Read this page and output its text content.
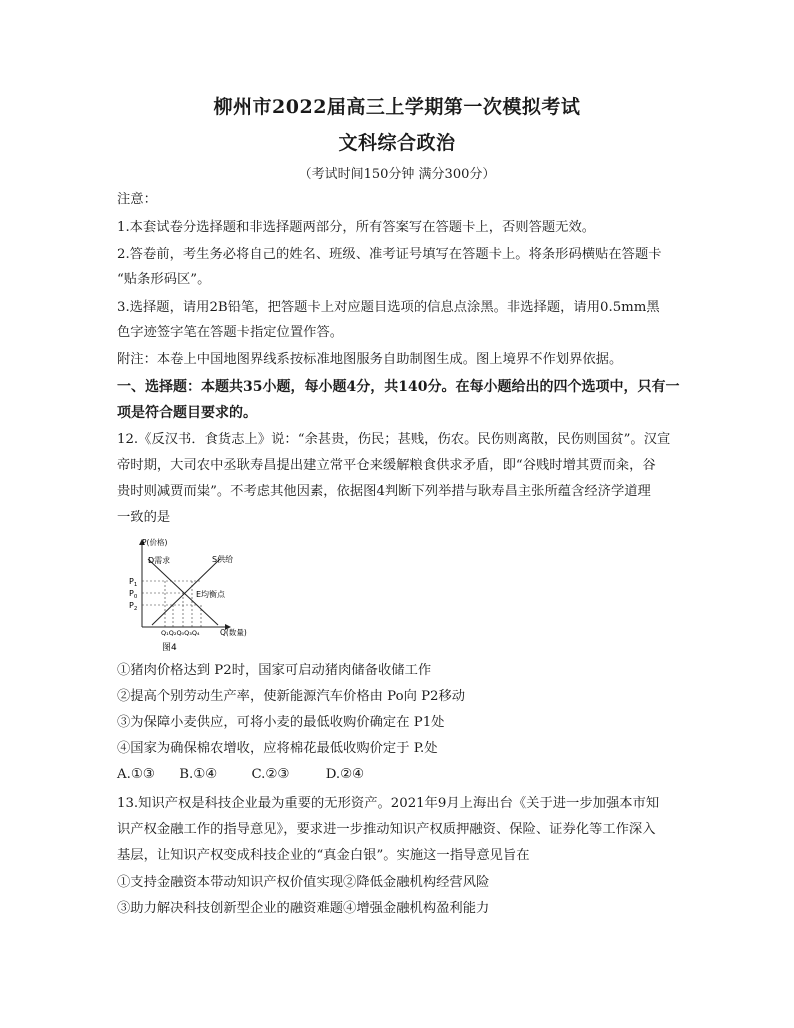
柳州市2022届高三上学期第一次模拟考试
文科综合政治
（考试时间150分钟 满分300分）
注意：
1.本套试卷分选择题和非选择题两部分，所有答案写在答题卡上，否则答题无效。
2.答卷前，考生务必将自己的姓名、班级、准考证号填写在答题卡上。将条形码横贴在答题卡
“贴条形码区”。
3.选择题，请用2B铅笔，把答题卡上对应题目选项的信息点涂黑。非选择题，请用0.5mm黑
色字迹签字笔在答题卡指定位置作答。
附注：本卷上中国地图界线系按标准地图服务自助制图生成。图上境界不作划界依据。
一、选择题：本题共35小题，每小题4分，共140分。在每小题给出的四个选项中，只有一
项是符合题目要求的。
12.《反汉书．食货志上》说：“余甚贵，伤民；甚贱，伤农。民伤则离散，民伤则国贫”。汉宣
帝时期，大司农中丞耿寿昌提出建立常平仓来缓解粮食供求矛盾，即“谷贱时增其贾而籴，谷
贵时则减贾而粜”。不考虑其他因素，依据图4判断下列举措与耿寿昌主张所蕴含经济学道理
一致的是
P(价格)
D需求	S供给
E均衡点
$P_1$
$P_0$
$P_2$
Q₁Q₂Q₀Q₃Q₄	Q(数量)
图4
①猪肉价格达到 P2时，国家可启动猪肉储备收储工作
②提高个别劳动生产率，使新能源汽车价格由 Po向 P2移动
③为保障小麦供应，可将小麦的最低收购价确定在 P1处
④国家为确保棉农增收，应将棉花最低收购价定于 P.处
A.①③ B.①④	C.②③	D.②④
13.知识产权是科技企业最为重要的无形资产。2021年9月上海出台《关于进一步加强本市知
识产权金融工作的指导意见》，要求进一步推动知识产权质押融资、保险、证券化等工作深入
基层，让知识产权变成科技企业的“真金白银”。实施这一指导意见旨在
①支持金融资本带动知识产权价值实现②降低金融机构经营风险
③助力解决科技创新型企业的融资难题④增强金融机构盈利能力
